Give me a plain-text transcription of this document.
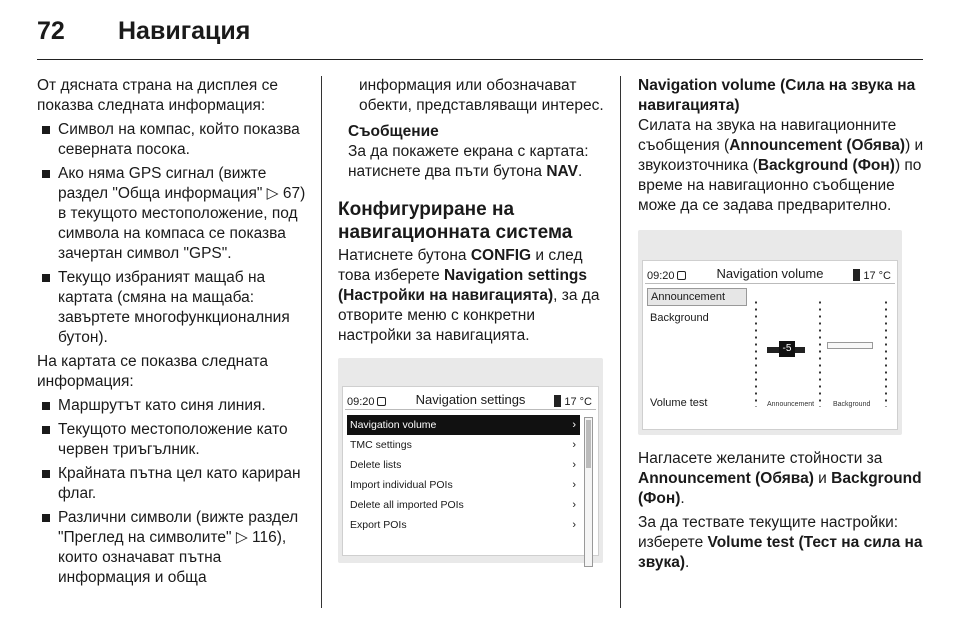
72 Навигация

От дясната страна на дисплея се показва следната информация:

Символ на компас, който показва северната посока.
Ако няма GPS сигнал (вижте раздел "Обща информация" ▷ 67) в текущото местоположение, под символа на компаса се показва зачертан символ "GPS".
Текущо избраният мащаб на картата (смяна на мащаба: завъртете многофункционалния бутон).

На картата се показва следната информация:

Маршрутът като синя линия.
Текущото местоположение като червен триъгълник.
Крайната пътна цел като кариран флаг.
Различни символи (вижте раздел "Преглед на символите" ▷ 116), които означават пътна информация и обща

информация или обозначават обекти, представляващи интерес.

Съобщение
За да покажете екрана с картата: натиснете два пъти бутона NAV.
Конфигуриране на навигационната система

Натиснете бутона CONFIG и след това изберете Navigation settings (Настройки на навигацията), за да отворите меню с конкретни настройки за навигацията.

09:20	Navigation settings	17 °C
Navigation volume	›
TMC settings	›
Delete lists	›
Import individual POIs	›
Delete all imported POIs	›
Export POIs	›
Navigation volume (Сила на звука на навигацията)

Силата на звука на навигационните съобщения (Announcement (Обява)) и звукоизточника (Background (Фон)) по време на навигационно съобщение може да се задава предварително.

09:20	Navigation volume	17 °C
Announcement
Background
-5
Volume test	Announcement	Background

Нагласете желаните стойности за Announcement (Обява) и Background (Фон).

За да тествате текущите настройки: изберете Volume test (Тест на сила на звука).
